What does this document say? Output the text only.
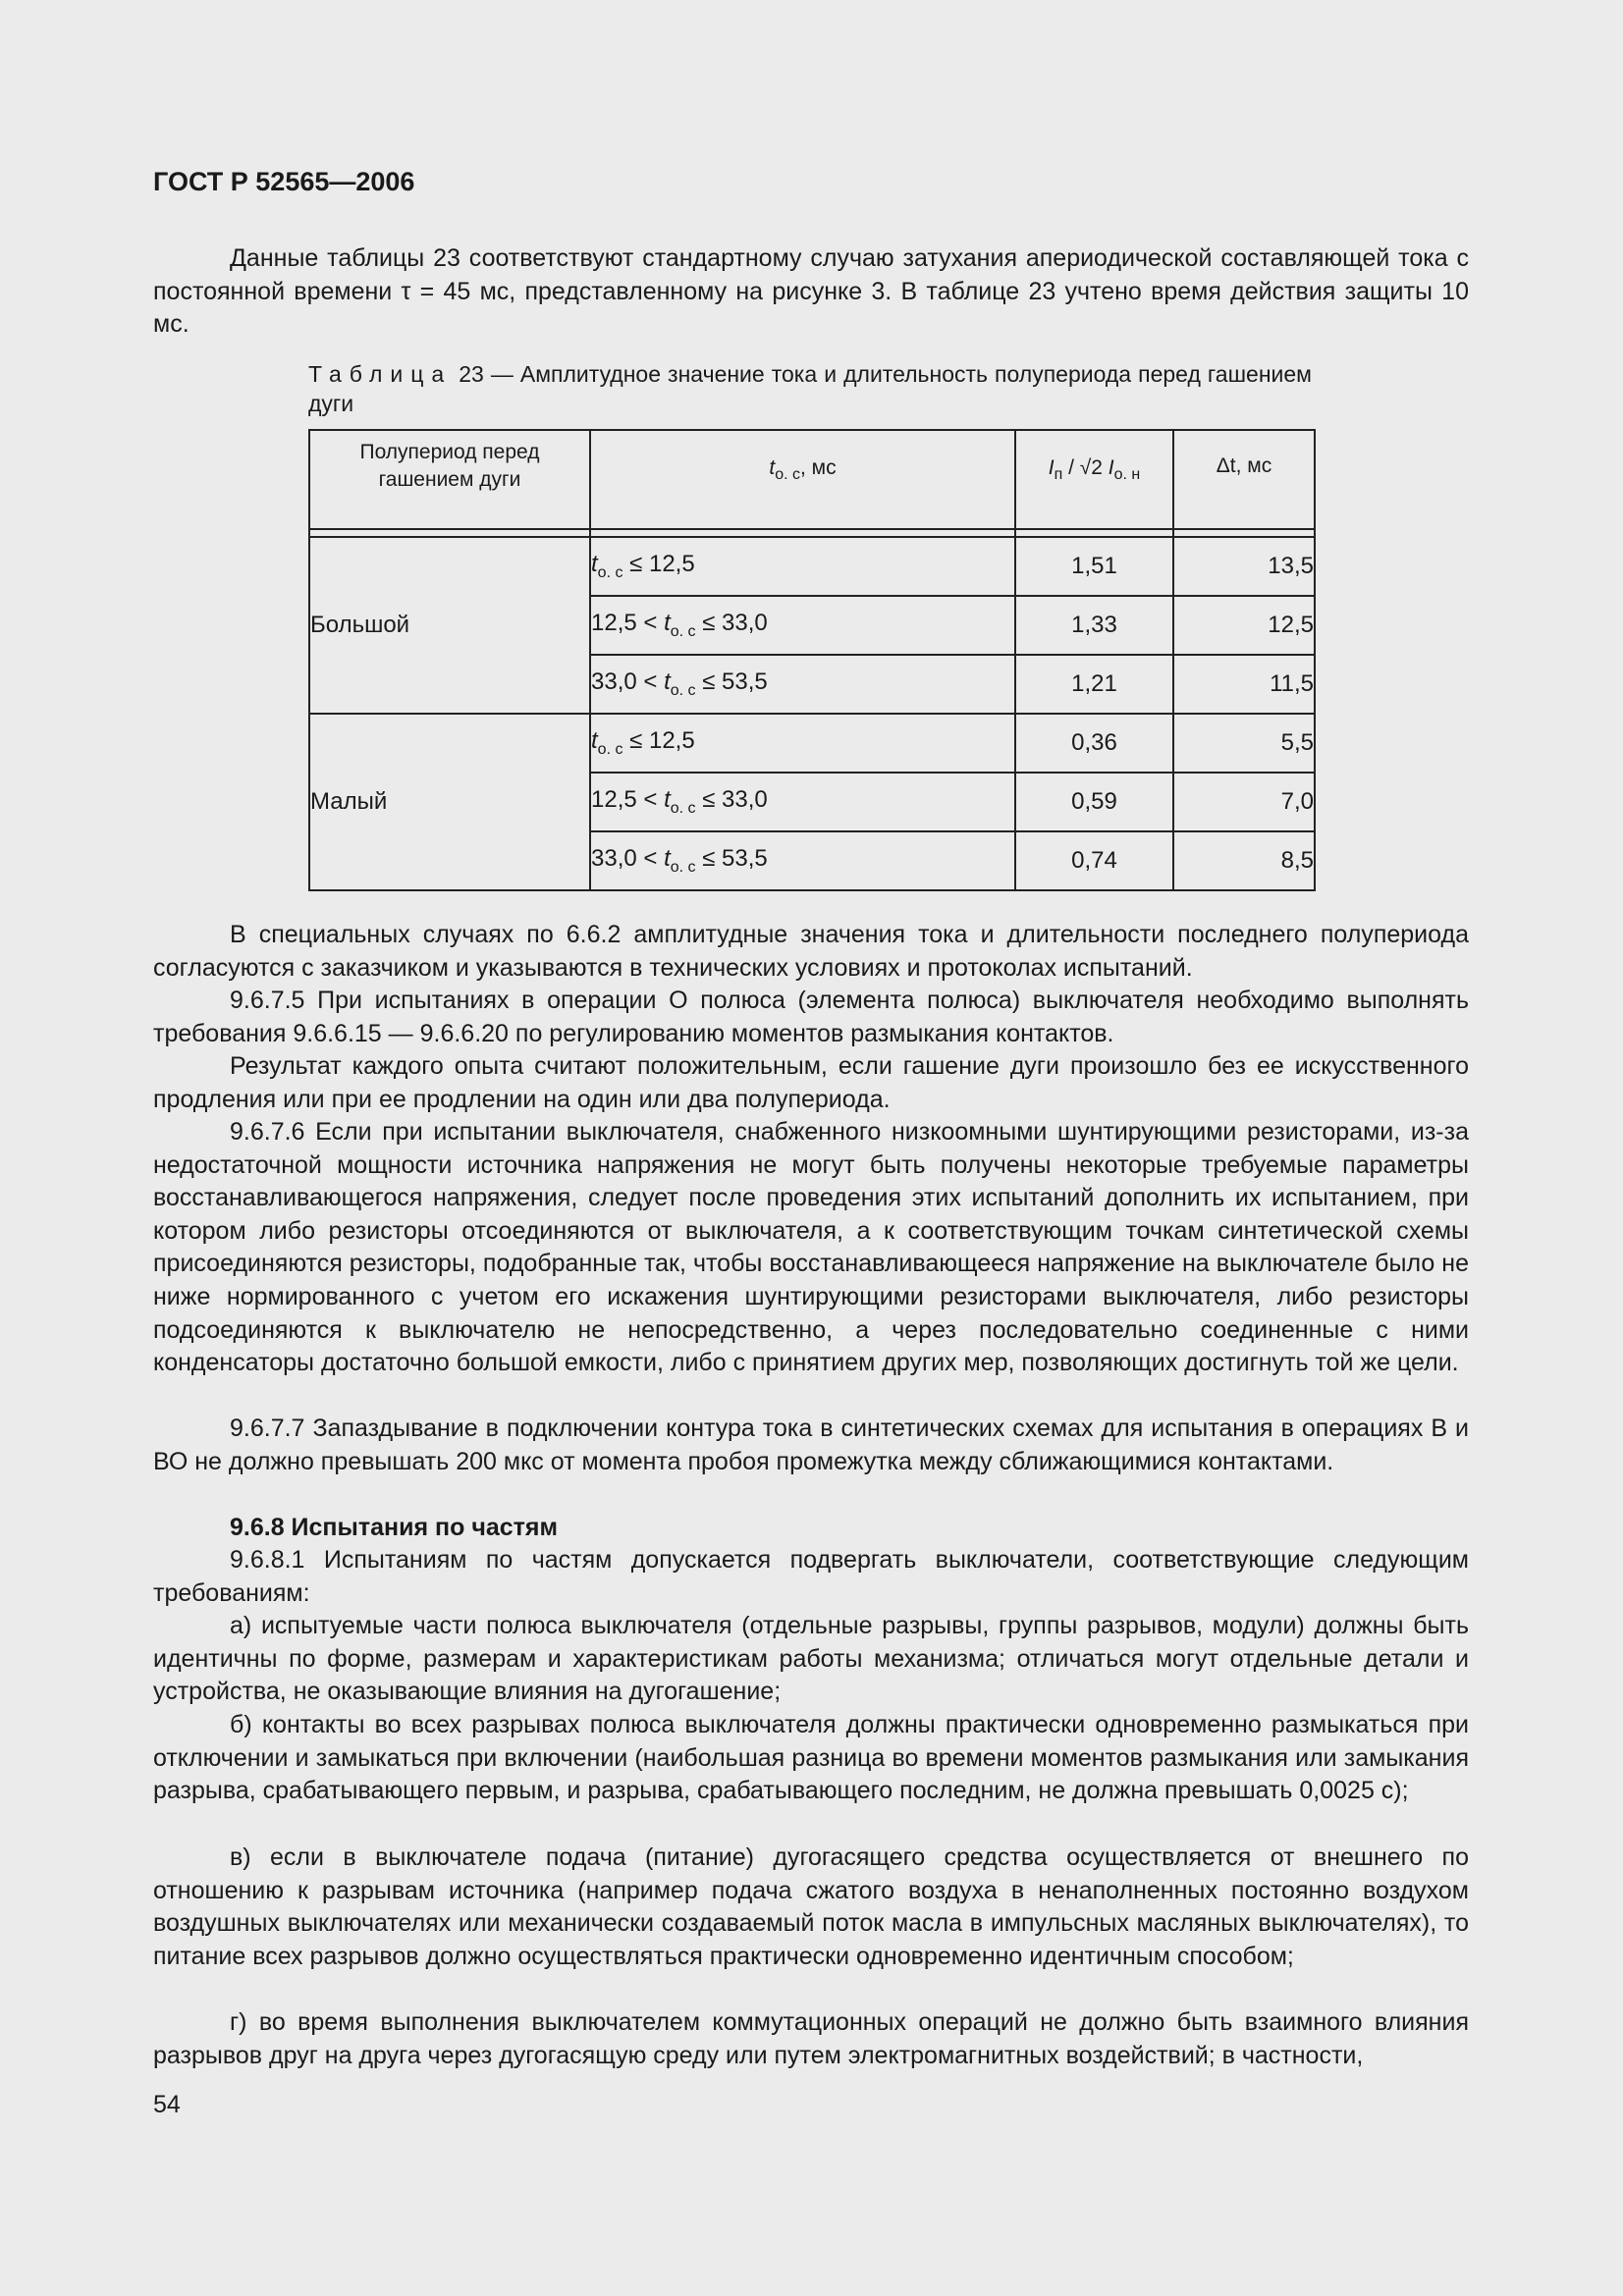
ГОСТ Р 52565—2006

Данные таблицы 23 соответствуют стандартному случаю затухания апериодической составляющей тока с постоянной времени τ = 45 мс, представленному на рисунке 3. В таблице 23 учтено время действия защиты 10 мс.

Таблица 23 — Амплитудное значение тока и длительность полупериода перед гашением дуги

Полупериод перед гашением дуги	$t_{о. с}$, мс	$I_п / √2$ $I_{о. н}$	Δt, мс

Большой	$t_{о. с} \le 12,5$	1,51	13,5
	$12,5 < t_{о. с} \le 33,0$	1,33	12,5
	$33,0 < t_{о. с} \le 53,5$	1,21	11,5
Малый	$t_{о. с} \le 12,5$	0,36	5,5
	$12,5 < t_{о. с} \le 33,0$	0,59	7,0
	$33,0 < t_{о. с} \le 53,5$	0,74	8,5

В специальных случаях по 6.6.2 амплитудные значения тока и длительности последнего полупериода согласуются с заказчиком и указываются в технических условиях и протоколах испытаний.

9.6.7.5 При испытаниях в операции О полюса (элемента полюса) выключателя необходимо выполнять требования 9.6.6.15 — 9.6.6.20 по регулированию моментов размыкания контактов.

Результат каждого опыта считают положительным, если гашение дуги произошло без ее искусственного продления или при ее продлении на один или два полупериода.

9.6.7.6 Если при испытании выключателя, снабженного низкоомными шунтирующими резисторами, из-за недостаточной мощности источника напряжения не могут быть получены некоторые требуемые параметры восстанавливающегося напряжения, следует после проведения этих испытаний дополнить их испытанием, при котором либо резисторы отсоединяются от выключателя, а к соответствующим точкам синтетической схемы присоединяются резисторы, подобранные так, чтобы восстанавливающееся напряжение на выключателе было не ниже нормированного с учетом его искажения шунтирующими резисторами выключателя, либо резисторы подсоединяются к выключателю не непосредственно, а через последовательно соединенные с ними конденсаторы достаточно большой емкости, либо с принятием других мер, позволяющих достигнуть той же цели.

9.6.7.7 Запаздывание в подключении контура тока в синтетических схемах для испытания в операциях В и ВО не должно превышать 200 мкс от момента пробоя промежутка между сближающимися контактами.

9.6.8 Испытания по частям

9.6.8.1 Испытаниям по частям допускается подвергать выключатели, соответствующие следующим требованиям:

а) испытуемые части полюса выключателя (отдельные разрывы, группы разрывов, модули) должны быть идентичны по форме, размерам и характеристикам работы механизма; отличаться могут отдельные детали и устройства, не оказывающие влияния на дугогашение;

б) контакты во всех разрывах полюса выключателя должны практически одновременно размыкаться при отключении и замыкаться при включении (наибольшая разница во времени моментов размыкания или замыкания разрыва, срабатывающего первым, и разрыва, срабатывающего последним, не должна превышать 0,0025 с);

в) если в выключателе подача (питание) дугогасящего средства осуществляется от внешнего по отношению к разрывам источника (например подача сжатого воздуха в ненаполненных постоянно воздухом воздушных выключателях или механически создаваемый поток масла в импульсных масляных выключателях), то питание всех разрывов должно осуществляться практически одновременно идентичным способом;

г) во время выполнения выключателем коммутационных операций не должно быть взаимного влияния разрывов друг на друга через дугогасящую среду или путем электромагнитных воздействий; в частности,

54
